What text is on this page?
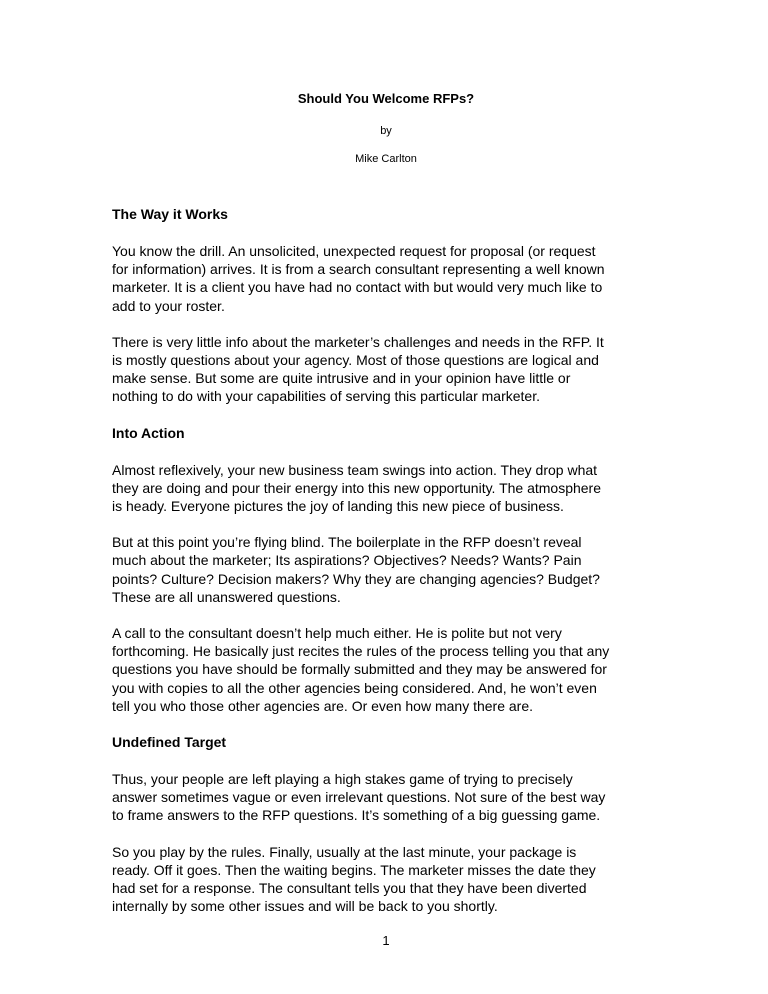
Should You Welcome RFPs?
by
Mike Carlton
The Way it Works
You know the drill. An unsolicited, unexpected request for proposal (or request
for information) arrives. It is from a search consultant representing a well known
marketer. It is a client you have had no contact with but would very much like to
add to your roster.
There is very little info about the marketer’s challenges and needs in the RFP. It
is mostly questions about your agency. Most of those questions are logical and
make sense. But some are quite intrusive and in your opinion have little or
nothing to do with your capabilities of serving this particular marketer.
Into Action
Almost reflexively, your new business team swings into action. They drop what
they are doing and pour their energy into this new opportunity. The atmosphere
is heady. Everyone pictures the joy of landing this new piece of business.
But at this point you’re flying blind. The boilerplate in the RFP doesn’t reveal
much about the marketer; Its aspirations? Objectives? Needs? Wants? Pain
points? Culture? Decision makers? Why they are changing agencies? Budget?
These are all unanswered questions.
A call to the consultant doesn’t help much either. He is polite but not very
forthcoming. He basically just recites the rules of the process telling you that any
questions you have should be formally submitted and they may be answered for
you with copies to all the other agencies being considered. And, he won’t even
tell you who those other agencies are. Or even how many there are.
Undefined Target
Thus, your people are left playing a high stakes game of trying to precisely
answer sometimes vague or even irrelevant questions. Not sure of the best way
to frame answers to the RFP questions. It’s something of a big guessing game.
So you play by the rules. Finally, usually at the last minute, your package is
ready. Off it goes. Then the waiting begins. The marketer misses the date they
had set for a response. The consultant tells you that they have been diverted
internally by some other issues and will be back to you shortly.
1
